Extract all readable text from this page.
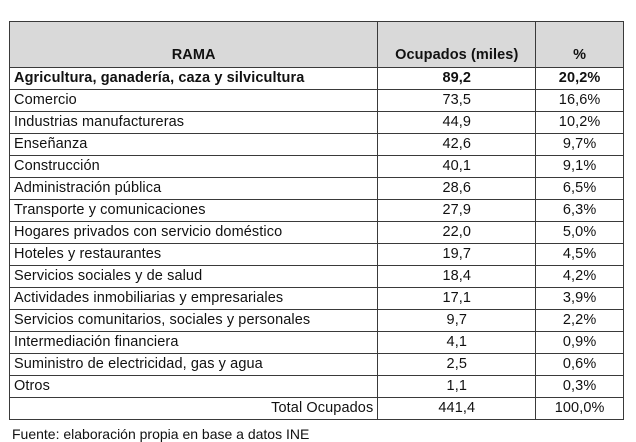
RAMA	Ocupados (miles)	%
Agricultura, ganadería, caza y silvicultura	89,2	20,2%
Comercio	73,5	16,6%
Industrias manufactureras	44,9	10,2%
Enseñanza	42,6	9,7%
Construcción	40,1	9,1%
Administración pública	28,6	6,5%
Transporte y comunicaciones	27,9	6,3%
Hogares privados con servicio doméstico	22,0	5,0%
Hoteles y restaurantes	19,7	4,5%
Servicios sociales y de salud	18,4	4,2%
Actividades inmobiliarias y empresariales	17,1	3,9%
Servicios comunitarios, sociales y personales	9,7	2,2%
Intermediación financiera	4,1	0,9%
Suministro de electricidad, gas y agua	2,5	0,6%
Otros	1,1	0,3%
Total Ocupados	441,4	100,0%
Fuente: elaboración propia en base a datos INE
